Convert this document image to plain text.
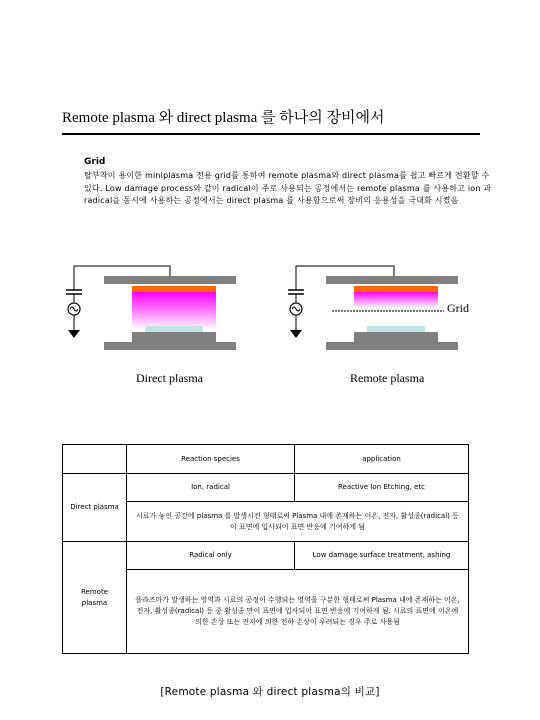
Remote plasma 와 direct plasma 를 하나의 장비에서
Grid
탈부착이 용이한 miniplasma 전용 grid를 통하여 remote plasma와 direct plasma를 쉽고 빠르게 전환할 수 있다. Low damage process와 같이 radical이 주로 사용되는 공정에서는 remote plasma 를 사용하고 ion 과 radical을 동시에 사용하는 공정에서는 direct plasma 를 사용함으로써 장비의 응용성을 극대화 시켰음
Grid
Direct plasma	Remote plasma
	Reaction species	application
Direct plasma	Ion, radical	Reactive Ion Etching, etc
	시료가 놓인 공간에 plasma 를 발생시킨 형태로써 Plasma 내에 존재하는 이온, 전자, 활성종(radical) 등이 표면에 입사되어 표면 반응에 기여하게 됨	
Remote plasma	Radical only	Low damage surface treatment, ashing
	플라즈마가 발생하는 영역과 시료의 공정이 수행되는 영역을 구분한 형태로써 Plasma 내에 존재하는 이온, 전자, 활성종(radical) 등 중 활성종 만이 표면에 입사되어 표면 반응에 기여하게 됨. 시료의 표면에 이온에 의한 손상 또는 전자에 의한 전하 손상이 우려되는 경우 주로 사용됨	
[Remote plasma 와 direct plasma의 비교]
